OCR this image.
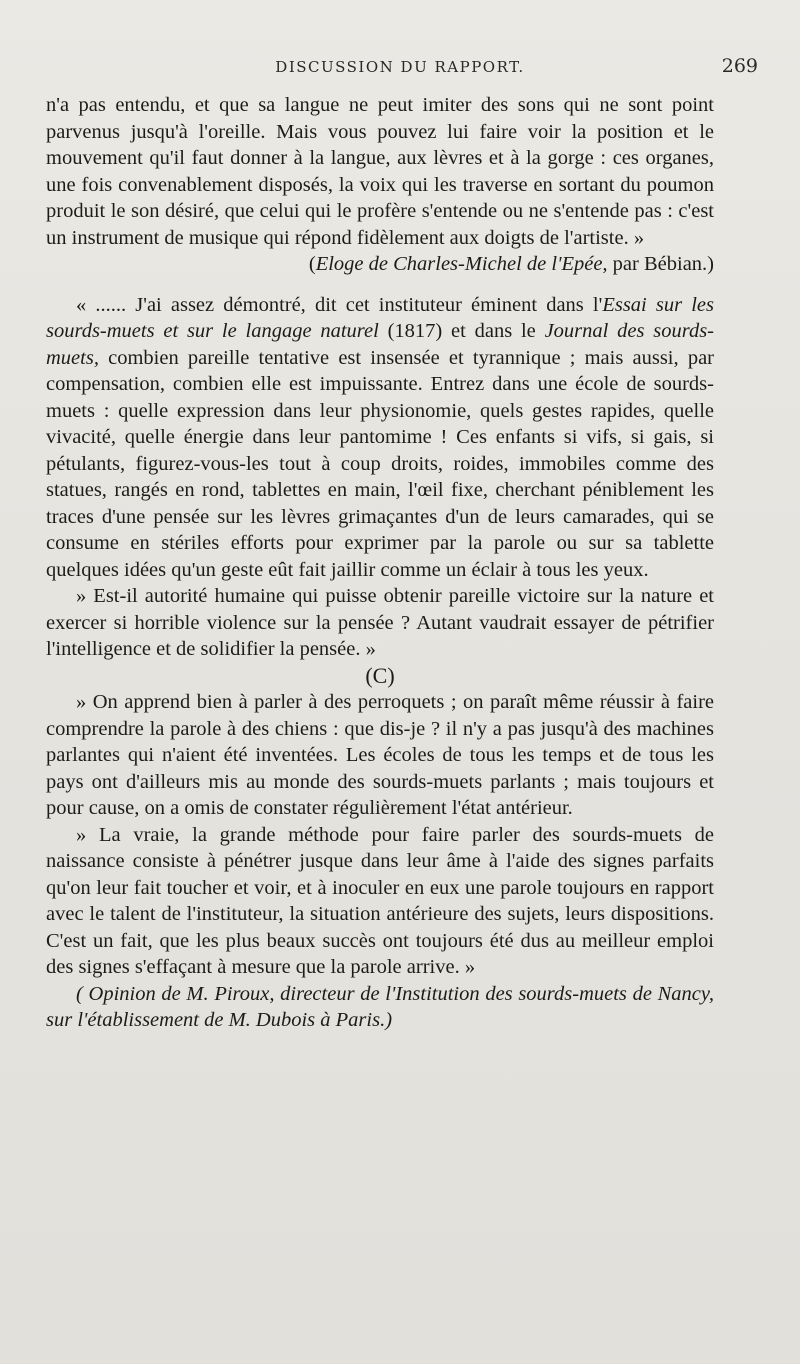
DISCUSSION DU RAPPORT.	269

n'a pas entendu, et que sa langue ne peut imiter des sons qui ne sont point parvenus jusqu'à l'oreille. Mais vous pouvez lui faire voir la position et le mouvement qu'il faut donner à la langue, aux lèvres et à la gorge : ces organes, une fois convenablement disposés, la voix qui les traverse en sortant du poumon produit le son désiré, que celui qui le profère s'entende ou ne s'entende pas : c'est un instrument de musique qui répond fidèlement aux doigts de l'artiste. »

(Eloge de Charles-Michel de l'Epée, par Bébian.)

« ...... J'ai assez démontré, dit cet instituteur éminent dans l'Essai sur les sourds-muets et sur le langage naturel (1817) et dans le Journal des sourds-muets, combien pareille tentative est insensée et tyrannique ; mais aussi, par compensation, combien elle est impuissante. Entrez dans une école de sourds-muets : quelle expression dans leur physionomie, quels gestes rapides, quelle vivacité, quelle énergie dans leur pantomime ! Ces enfants si vifs, si gais, si pétulants, figurez-vous-les tout à coup droits, roides, immobiles comme des statues, rangés en rond, tablettes en main, l'œil fixe, cherchant péniblement les traces d'une pensée sur les lèvres grimaçantes d'un de leurs camarades, qui se consume en stériles efforts pour exprimer par la parole ou sur sa tablette quelques idées qu'un geste eût fait jaillir comme un éclair à tous les yeux.

» Est-il autorité humaine qui puisse obtenir pareille victoire sur la nature et exercer si horrible violence sur la pensée ? Autant vaudrait essayer de pétrifier l'intelligence et de solidifier la pensée. »

(C)

» On apprend bien à parler à des perroquets ; on paraît même réussir à faire comprendre la parole à des chiens : que dis-je ? il n'y a pas jusqu'à des machines parlantes qui n'aient été inventées. Les écoles de tous les temps et de tous les pays ont d'ailleurs mis au monde des sourds-muets parlants ; mais toujours et pour cause, on a omis de constater régulièrement l'état antérieur.

» La vraie, la grande méthode pour faire parler des sourds-muets de naissance consiste à pénétrer jusque dans leur âme à l'aide des signes parfaits qu'on leur fait toucher et voir, et à inoculer en eux une parole toujours en rapport avec le talent de l'instituteur, la situation antérieure des sujets, leurs dispositions. C'est un fait, que les plus beaux succès ont toujours été dus au meilleur emploi des signes s'effaçant à mesure que la parole arrive. »

( Opinion de M. Piroux, directeur de l'Institution des sourds-muets de Nancy, sur l'établissement de M. Dubois à Paris.)
